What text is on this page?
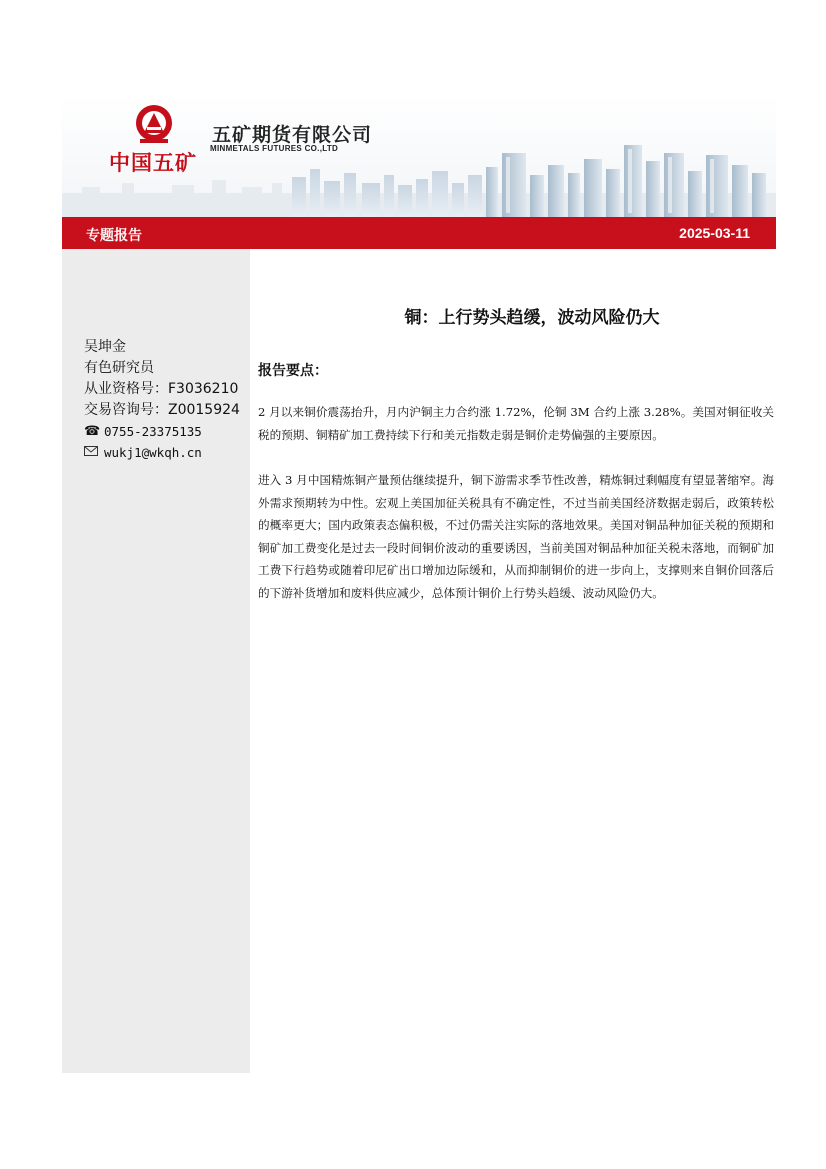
中国五矿
五矿期货有限公司
MINMETALS FUTURES CO.,LTD
专题报告	2025-03-11
吴坤金
有色研究员
从业资格号：F3036210
交易咨询号：Z0015924
☎ 0755-23375135
wukj1@wkqh.cn
铜：上行势头趋缓，波动风险仍大
报告要点：

2 月以来铜价震荡抬升，月内沪铜主力合约涨 1.72%，伦铜 3M 合约上涨 3.28%。美国对铜征收关税的预期、铜精矿加工费持续下行和美元指数走弱是铜价走势偏强的主要原因。

进入 3 月中国精炼铜产量预估继续提升，铜下游需求季节性改善，精炼铜过剩幅度有望显著缩窄。海外需求预期转为中性。宏观上美国加征关税具有不确定性，不过当前美国经济数据走弱后，政策转松的概率更大；国内政策表态偏积极，不过仍需关注实际的落地效果。美国对铜品种加征关税的预期和铜矿加工费变化是过去一段时间铜价波动的重要诱因，当前美国对铜品种加征关税未落地，而铜矿加工费下行趋势或随着印尼矿出口增加边际缓和，从而抑制铜价的进一步向上，支撑则来自铜价回落后的下游补货增加和废料供应减少，总体预计铜价上行势头趋缓、波动风险仍大。
